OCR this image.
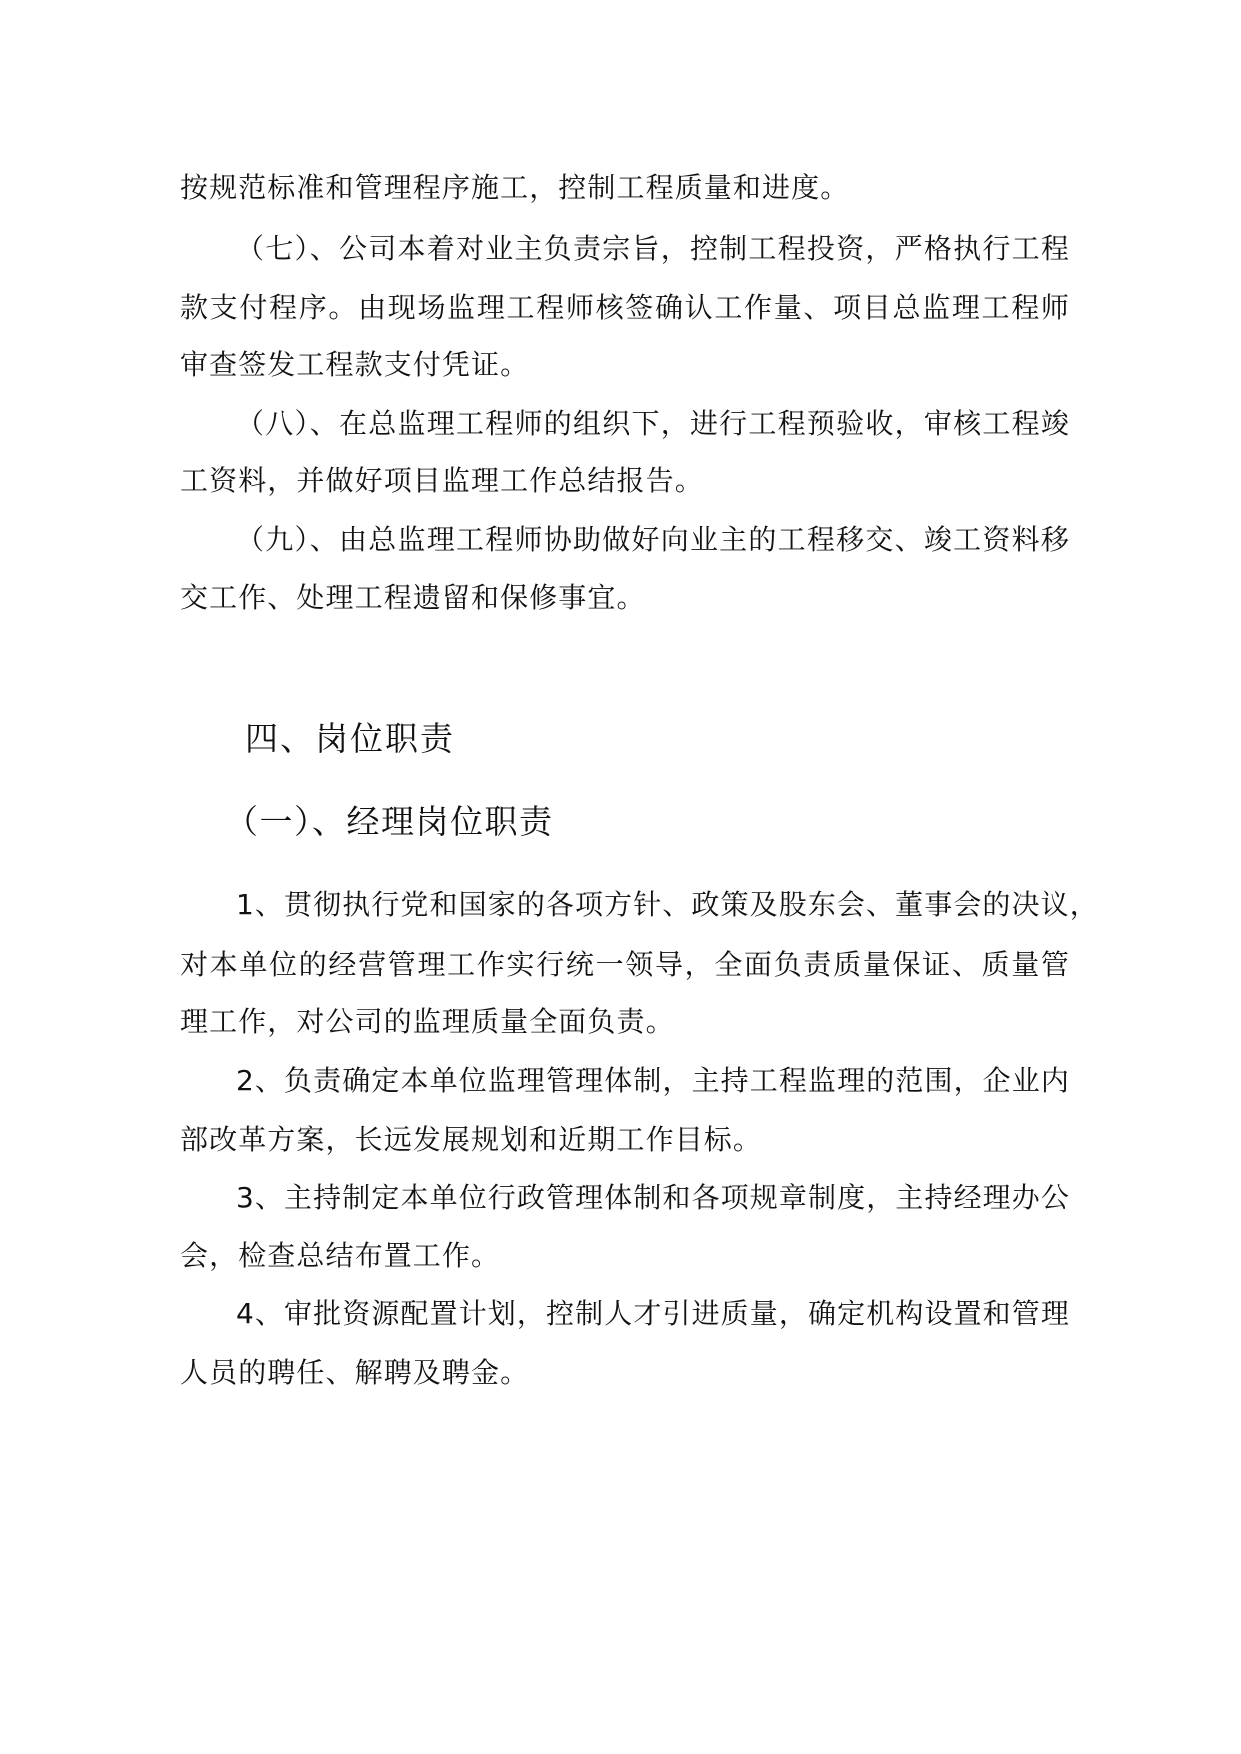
按规范标准和管理程序施工，控制工程质量和进度。
（七）、公司本着对业主负责宗旨，控制工程投资，严格执行工程
款支付程序。由现场监理工程师核签确认工作量、项目总监理工程师
审查签发工程款支付凭证。
（八）、在总监理工程师的组织下，进行工程预验收，审核工程竣
工资料，并做好项目监理工作总结报告。
（九）、由总监理工程师协助做好向业主的工程移交、竣工资料移
交工作、处理工程遗留和保修事宜。
四、岗位职责
（一）、经理岗位职责
1、贯彻执行党和国家的各项方针、政策及股东会、董事会的决议，
对本单位的经营管理工作实行统一领导，全面负责质量保证、质量管
理工作，对公司的监理质量全面负责。
2、负责确定本单位监理管理体制，主持工程监理的范围，企业内
部改革方案，长远发展规划和近期工作目标。
3、主持制定本单位行政管理体制和各项规章制度，主持经理办公
会，检查总结布置工作。
4、审批资源配置计划，控制人才引进质量，确定机构设置和管理
人员的聘任、解聘及聘金。
